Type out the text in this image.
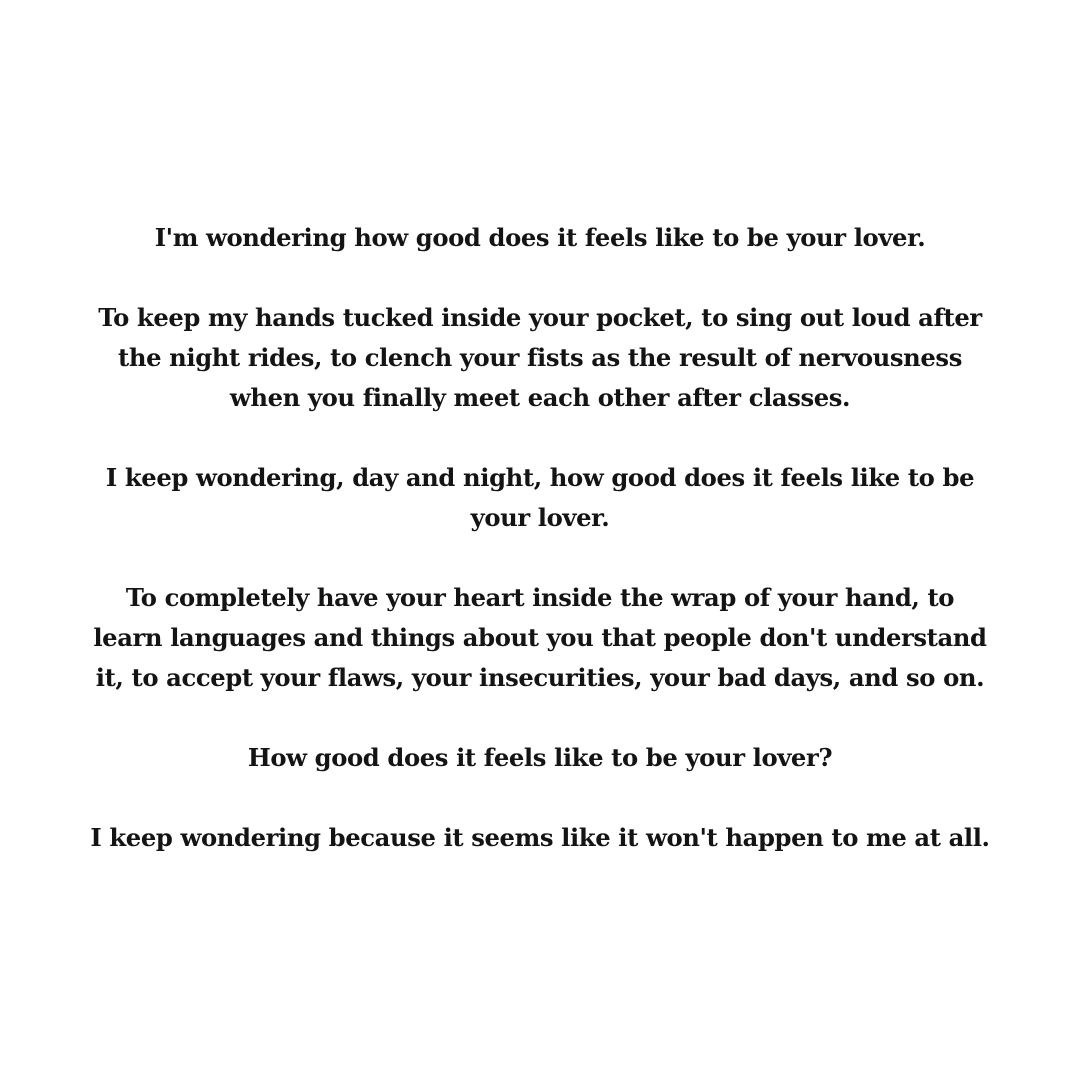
I'm wondering how good does it feels like to be your lover.

To keep my hands tucked inside your pocket, to sing out loud after
the night rides, to clench your fists as the result of nervousness
when you finally meet each other after classes.

I keep wondering, day and night, how good does it feels like to be
your lover.

To completely have your heart inside the wrap of your hand, to
learn languages and things about you that people don't understand
it, to accept your flaws, your insecurities, your bad days, and so on.

How good does it feels like to be your lover?

I keep wondering because it seems like it won't happen to me at all.
